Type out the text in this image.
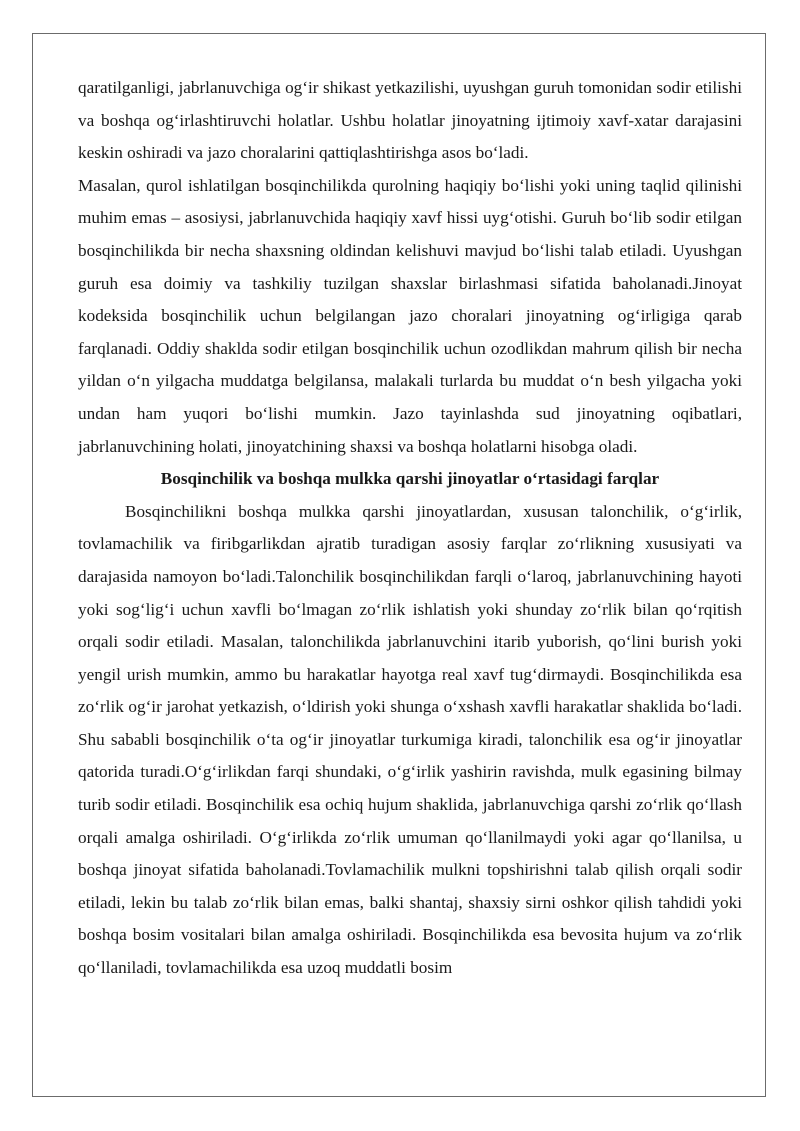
qaratilganligi, jabrlanuvchiga og‘ir shikast yetkazilishi, uyushgan guruh tomonidan sodir etilishi va boshqa og‘irlashtiruvchi holatlar. Ushbu holatlar jinoyatning ijtimoiy xavf-xatar darajasini keskin oshiradi va jazo choralarini qattiqlashtirishga asos bo‘ladi.

Masalan, qurol ishlatilgan bosqinchilikda qurolning haqiqiy bo‘lishi yoki uning taqlid qilinishi muhim emas – asosiysi, jabrlanuvchida haqiqiy xavf hissi uyg‘otishi. Guruh bo‘lib sodir etilgan bosqinchilikda bir necha shaxsning oldindan kelishuvi mavjud bo‘lishi talab etiladi. Uyushgan guruh esa doimiy va tashkiliy tuzilgan shaxslar birlashmasi sifatida baholanadi.Jinoyat kodeksida bosqinchilik uchun belgilangan jazo choralari jinoyatning og‘irligiga qarab farqlanadi. Oddiy shaklda sodir etilgan bosqinchilik uchun ozodlikdan mahrum qilish bir necha yildan o‘n yilgacha muddatga belgilansa, malakali turlarda bu muddat o‘n besh yilgacha yoki undan ham yuqori bo‘lishi mumkin. Jazo tayinlashda sud jinoyatning oqibatlari, jabrlanuvchining holati, jinoyatchining shaxsi va boshqa holatlarni hisobga oladi.

Bosqinchilik va boshqa mulkka qarshi jinoyatlar o‘rtasidagi farqlar

Bosqinchilikni boshqa mulkka qarshi jinoyatlardan, xususan talonchilik, o‘g‘irlik, tovlamachilik va firibgarlikdan ajratib turadigan asosiy farqlar zo‘rlikning xususiyati va darajasida namoyon bo‘ladi.Talonchilik bosqinchilikdan farqli o‘laroq, jabrlanuvchining hayoti yoki sog‘lig‘i uchun xavfli bo‘lmagan zo‘rlik ishlatish yoki shunday zo‘rlik bilan qo‘rqitish orqali sodir etiladi. Masalan, talonchilikda jabrlanuvchini itarib yuborish, qo‘lini burish yoki yengil urish mumkin, ammo bu harakatlar hayotga real xavf tug‘dirmaydi. Bosqinchilikda esa zo‘rlik og‘ir jarohat yetkazish, o‘ldirish yoki shunga o‘xshash xavfli harakatlar shaklida bo‘ladi. Shu sababli bosqinchilik o‘ta og‘ir jinoyatlar turkumiga kiradi, talonchilik esa og‘ir jinoyatlar qatorida turadi.O‘g‘irlikdan farqi shundaki, o‘g‘irlik yashirin ravishda, mulk egasining bilmay turib sodir etiladi. Bosqinchilik esa ochiq hujum shaklida, jabrlanuvchiga qarshi zo‘rlik qo‘llash orqali amalga oshiriladi. O‘g‘irlikda zo‘rlik umuman qo‘llanilmaydi yoki agar qo‘llanilsa, u boshqa jinoyat sifatida baholanadi.Tovlamachilik mulkni topshirishni talab qilish orqali sodir etiladi, lekin bu talab zo‘rlik bilan emas, balki shantaj, shaxsiy sirni oshkor qilish tahdidi yoki boshqa bosim vositalari bilan amalga oshiriladi. Bosqinchilikda esa bevosita hujum va zo‘rlik qo‘llaniladi, tovlamachilikda esa uzoq muddatli bosim
